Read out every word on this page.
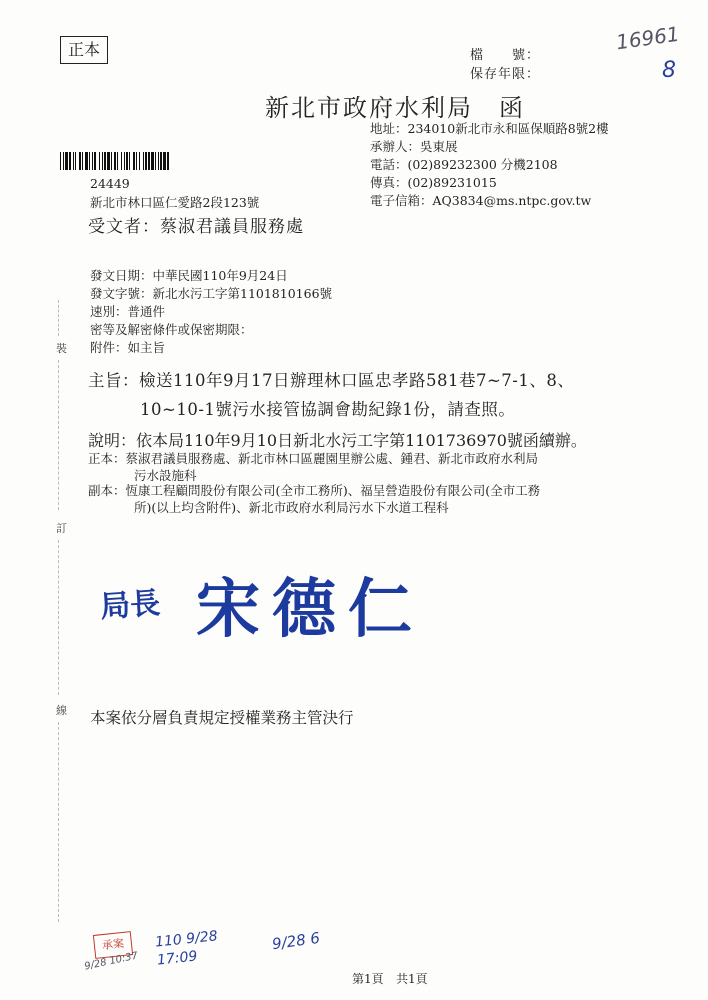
正本	檔　　號：
保存年限：
16961
8
新北市政府水利局　函
地址：234010新北市永和區保順路8號2樓
承辦人：吳東展
電話：(02)89232300 分機2108
傳真：(02)89231015
電子信箱：AQ3834@ms.ntpc.gov.tw
24449
新北市林口區仁愛路2段123號
受文者：蔡淑君議員服務處
發文日期：中華民國110年9月24日
發文字號：新北水污工字第1101810166號
速別：普通件
密等及解密條件或保密期限：
附件：如主旨
主旨：檢送110年9月17日辦理林口區忠孝路581巷7~7-1、8、
10~10-1號污水接管協調會勘紀錄1份，請查照。
說明：依本局110年9月10日新北水污工字第1101736970號函續辦。
正本：蔡淑君議員服務處、新北市林口區麗園里辦公處、鍾君、新北市政府水利局
污水設施科
副本：恆康工程顧問股份有限公司(全市工務所)、福呈營造股份有限公司(全市工務
所)(以上均含附件)、新北市政府水利局污水下水道工程科
局長 宋德仁
本案依分層負責規定授權業務主管決行
裝
訂
線
承案
9/28 10:37
110 9/28 17:09
9/28 6
第1頁 共1頁
